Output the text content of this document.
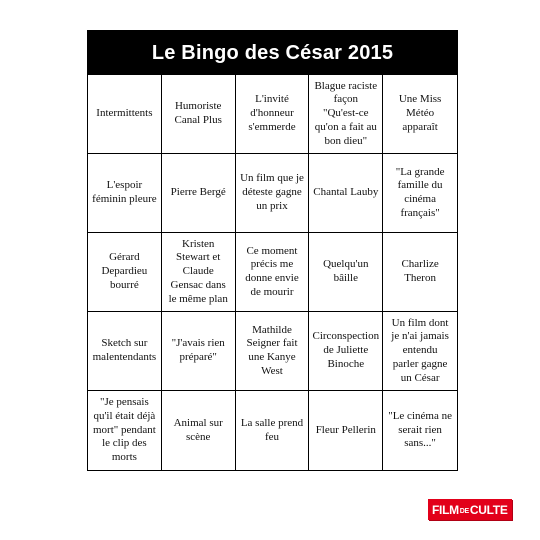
Le Bingo des César 2015
Intermittents
Humoriste
Canal Plus
L'invité
d'honneur
s'emmerde
Blague raciste
façon
"Qu'est-ce
qu'on a fait au
bon dieu"
Une Miss
Météo
apparaît
L'espoir
féminin pleure
Pierre Bergé
Un film que je
déteste gagne
un prix
Chantal Lauby
"La grande
famille du
cinéma
français"
Gérard
Depardieu
bourré
Kristen
Stewart et
Claude
Gensac dans
le même plan
Ce moment
précis me
donne envie
de mourir
Quelqu'un
bâille
Charlize
Theron
Sketch sur
malentendants
"J'avais rien
préparé"
Mathilde
Seigner fait
une Kanye
West
Circonspection
de Juliette
Binoche
Un film dont
je n'ai jamais
entendu
parler gagne
un César
"Je pensais
qu'il était déjà
mort" pendant
le clip des
morts
Animal sur
scène
La salle prend
feu
Fleur Pellerin
"Le cinéma ne
serait rien
sans..."
FILM DE CULTE
